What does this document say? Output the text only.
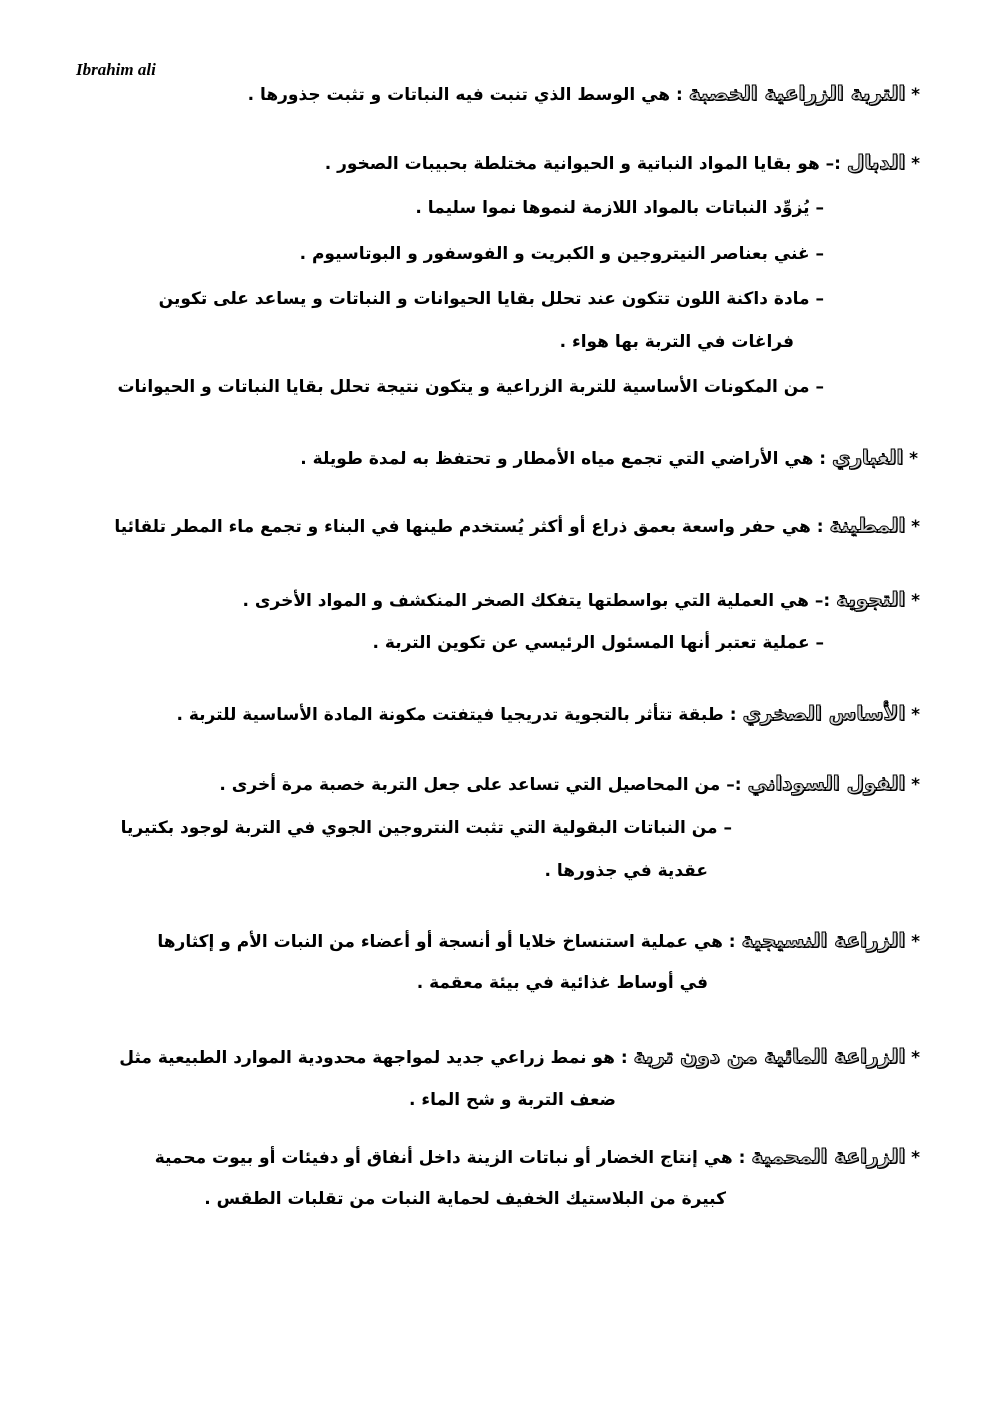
Ibrahim ali
* التربة الزراعية الخصبة : هي الوسط الذي تنبت فيه النباتات و تثبت جذورها .
* الدبال :– هو بقايا المواد النباتية و الحيوانية مختلطة بحبيبات الصخور .
– يُزوِّد النباتات بالمواد اللازمة لنموها نموا سليما .
– غني بعناصر النيتروجين و الكبريت و الفوسفور و البوتاسيوم .
– مادة داكنة اللون تتكون عند تحلل بقايا الحيوانات و النباتات و يساعد على تكوين
فراغات في التربة بها هواء .
– من المكونات الأساسية للتربة الزراعية و يتكون نتيجة تحلل بقايا النباتات و الحيوانات
* الغباري : هي الأراضي التي تجمع مياه الأمطار و تحتفظ به لمدة طويلة .
* المطينة : هي حفر واسعة بعمق ذراع أو أكثر يُستخدم طينها في البناء و تجمع ماء المطر تلقائيا
* التجوية :– هي العملية التي بواسطتها يتفكك الصخر المنكشف و المواد الأخرى .
– عملية تعتبر أنها المسئول الرئيسي عن تكوين التربة .
* الأساس الصخري : طبقة تتأثر بالتجوية تدريجيا فيتفتت مكونة المادة الأساسية للتربة .
* الفول السوداني :– من المحاصيل التي تساعد على جعل التربة خصبة مرة أخرى .
– من النباتات البقولية التي تثبت النتروجين الجوي في التربة لوجود بكتيريا
عقدية في جذورها .
* الزراعة النسيجية : هي عملية استنساخ خلايا أو أنسجة أو أعضاء من النبات الأم و إكثارها
في أوساط غذائية في بيئة معقمة .
* الزراعة المائية من دون تربة : هو نمط زراعي جديد لمواجهة محدودية الموارد الطبيعية مثل
ضعف التربة و شح الماء .
* الزراعة المحمية : هي إنتاج الخضار أو نباتات الزينة داخل أنفاق أو دفيئات أو بيوت محمية
كبيرة من البلاستيك الخفيف لحماية النبات من تقلبات الطقس .
